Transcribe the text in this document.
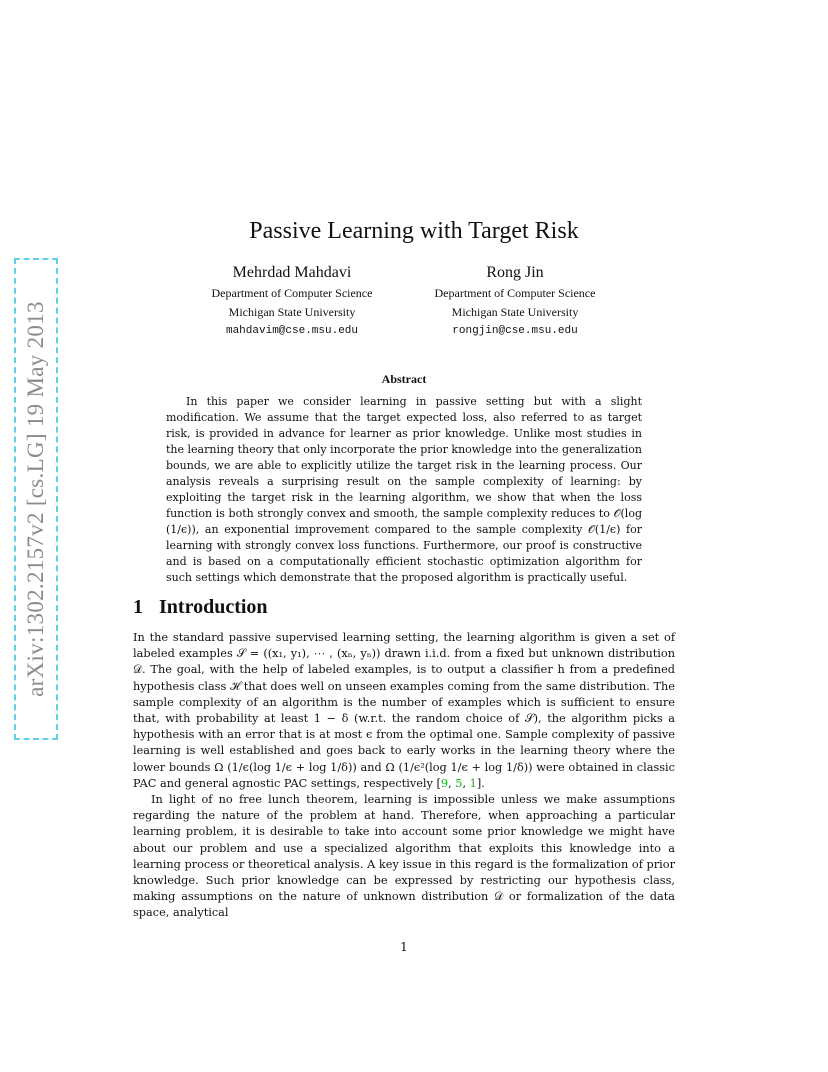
arXiv:1302.2157v2 [cs.LG] 19 May 2013
Passive Learning with Target Risk
Mehrdad Mahdavi
Department of Computer Science
Michigan State University
mahdavim@cse.msu.edu
Rong Jin
Department of Computer Science
Michigan State University
rongjin@cse.msu.edu
Abstract

In this paper we consider learning in passive setting but with a slight modification. We assume that the target expected loss, also referred to as target risk, is provided in advance for learner as prior knowledge. Unlike most studies in the learning theory that only incorporate the prior knowledge into the generalization bounds, we are able to explicitly utilize the target risk in the learning process. Our analysis reveals a surprising result on the sample complexity of learning: by exploiting the target risk in the learning algorithm, we show that when the loss function is both strongly convex and smooth, the sample complexity reduces to 𝒪(log (1/ϵ)), an exponential improvement compared to the sample complexity 𝒪(1/ϵ) for learning with strongly convex loss functions. Furthermore, our proof is constructive and is based on a computationally efficient stochastic optimization algorithm for such settings which demonstrate that the proposed algorithm is practically useful.

1 Introduction

In the standard passive supervised learning setting, the learning algorithm is given a set of labeled examples 𝒮 = ((x₁, y₁), ⋯ , (xₙ, yₙ)) drawn i.i.d. from a fixed but unknown distribution 𝒟. The goal, with the help of labeled examples, is to output a classifier h from a predefined hypothesis class ℋ that does well on unseen examples coming from the same distribution. The sample complexity of an algorithm is the number of examples which is sufficient to ensure that, with probability at least 1 − δ (w.r.t. the random choice of 𝒮), the algorithm picks a hypothesis with an error that is at most ϵ from the optimal one. Sample complexity of passive learning is well established and goes back to early works in the learning theory where the lower bounds Ω (1/ϵ(log 1/ϵ + log 1/δ)) and Ω (1/ϵ²(log 1/ϵ + log 1/δ)) were obtained in classic PAC and general agnostic PAC settings, respectively [9, 5, 1].

In light of no free lunch theorem, learning is impossible unless we make assumptions regarding the nature of the problem at hand. Therefore, when approaching a particular learning problem, it is desirable to take into account some prior knowledge we might have about our problem and use a specialized algorithm that exploits this knowledge into a learning process or theoretical analysis. A key issue in this regard is the formalization of prior knowledge. Such prior knowledge can be expressed by restricting our hypothesis class, making assumptions on the nature of unknown distribution 𝒟 or formalization of the data space, analytical

1
